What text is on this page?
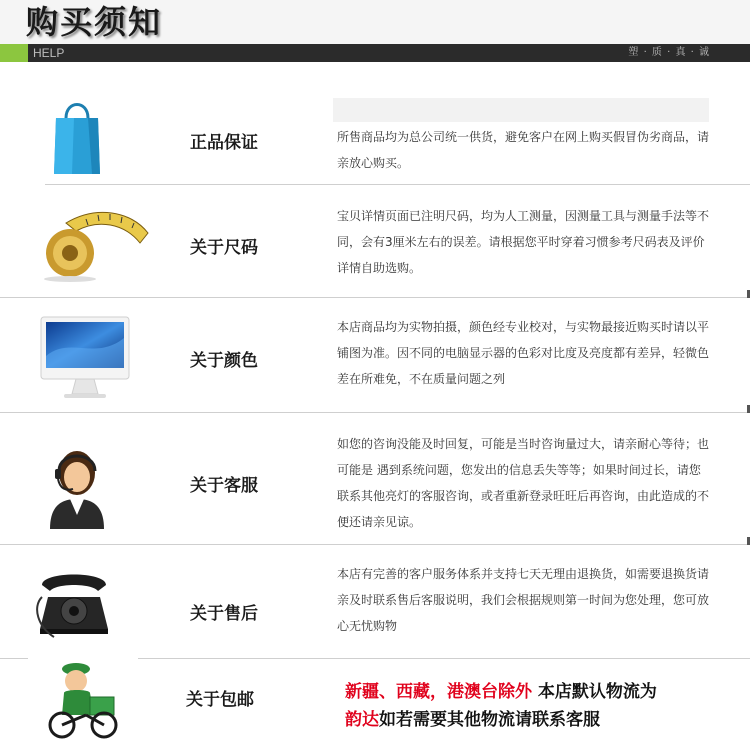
购买须知
HELP	塑 · 质 · 真 · 诚
正品保证	所售商品均为总公司统一供货，避免客户在网上购买假冒伪劣商品，请亲放心购买。
关于尺码
宝贝详情页面已注明尺码，均为人工测量，因测量工具与测量手法等不同，会有3厘米左右的误差。请根据您平时穿着习惯参考尺码表及评价详情自助选购。
关于颜色
本店商品均为实物拍摄，颜色经专业校对，与实物最接近购买时请以平铺图为准。因不同的电脑显示器的色彩对比度及亮度都有差异，轻微色差在所难免，不在质量问题之列
关于客服
如您的咨询没能及时回复，可能是当时咨询量过大，请亲耐心等待；也可能是 遇到系统问题，您发出的信息丢失等等；如果时间过长，请您联系其他亮灯的客服咨询，或者重新登录旺旺后再咨询，由此造成的不便还请亲见谅。
关于售后
本店有完善的客户服务体系并支持七天无理由退换货，如需要退换货请亲及时联系售后客服说明，我们会根据规则第一时间为您处理，您可放心无忧购物
关于包邮	新疆、西藏，港澳台除外 本店默认物流为
韵达如若需要其他物流请联系客服
